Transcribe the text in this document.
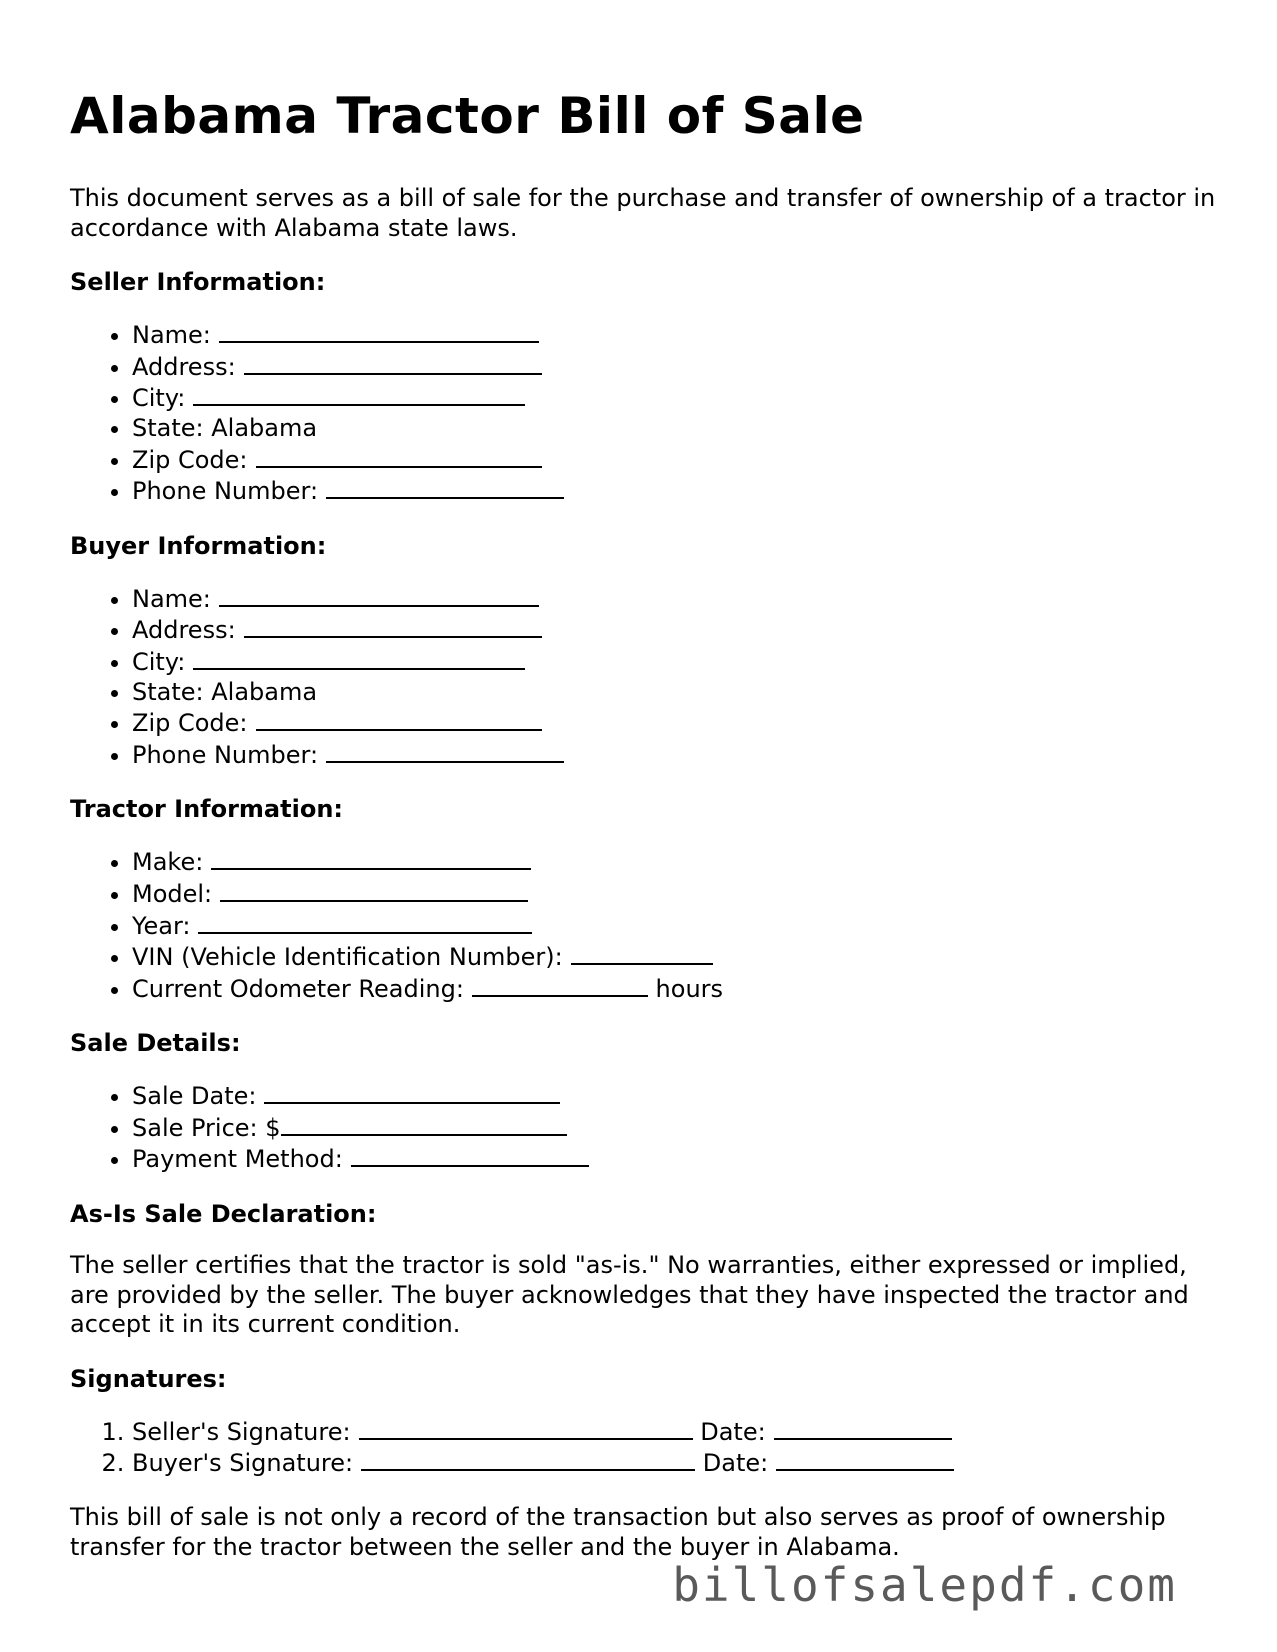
Alabama Tractor Bill of Sale

This document serves as a bill of sale for the purchase and transfer of ownership of a tractor in accordance with Alabama state laws.

Seller Information:
• Name:
• Address:
• City:
• State: Alabama
• Zip Code:
• Phone Number:
Buyer Information:
• Name:
• Address:
• City:
• State: Alabama
• Zip Code:
• Phone Number:
Tractor Information:
• Make:
• Model:
• Year:
• VIN (Vehicle Identification Number):
• Current Odometer Reading:	hours
Sale Details:
• Sale Date:
• Sale Price: $
• Payment Method:
As-Is Sale Declaration:

The seller certifies that the tractor is sold "as-is." No warranties, either expressed or implied, are provided by the seller. The buyer acknowledges that they have inspected the tractor and accept it in its current condition.

Signatures:
1. Seller's Signature:	Date:
2. Buyer's Signature:	Date:

This bill of sale is not only a record of the transaction but also serves as proof of ownership transfer for the tractor between the seller and the buyer in Alabama.

billofsalepdf.com
